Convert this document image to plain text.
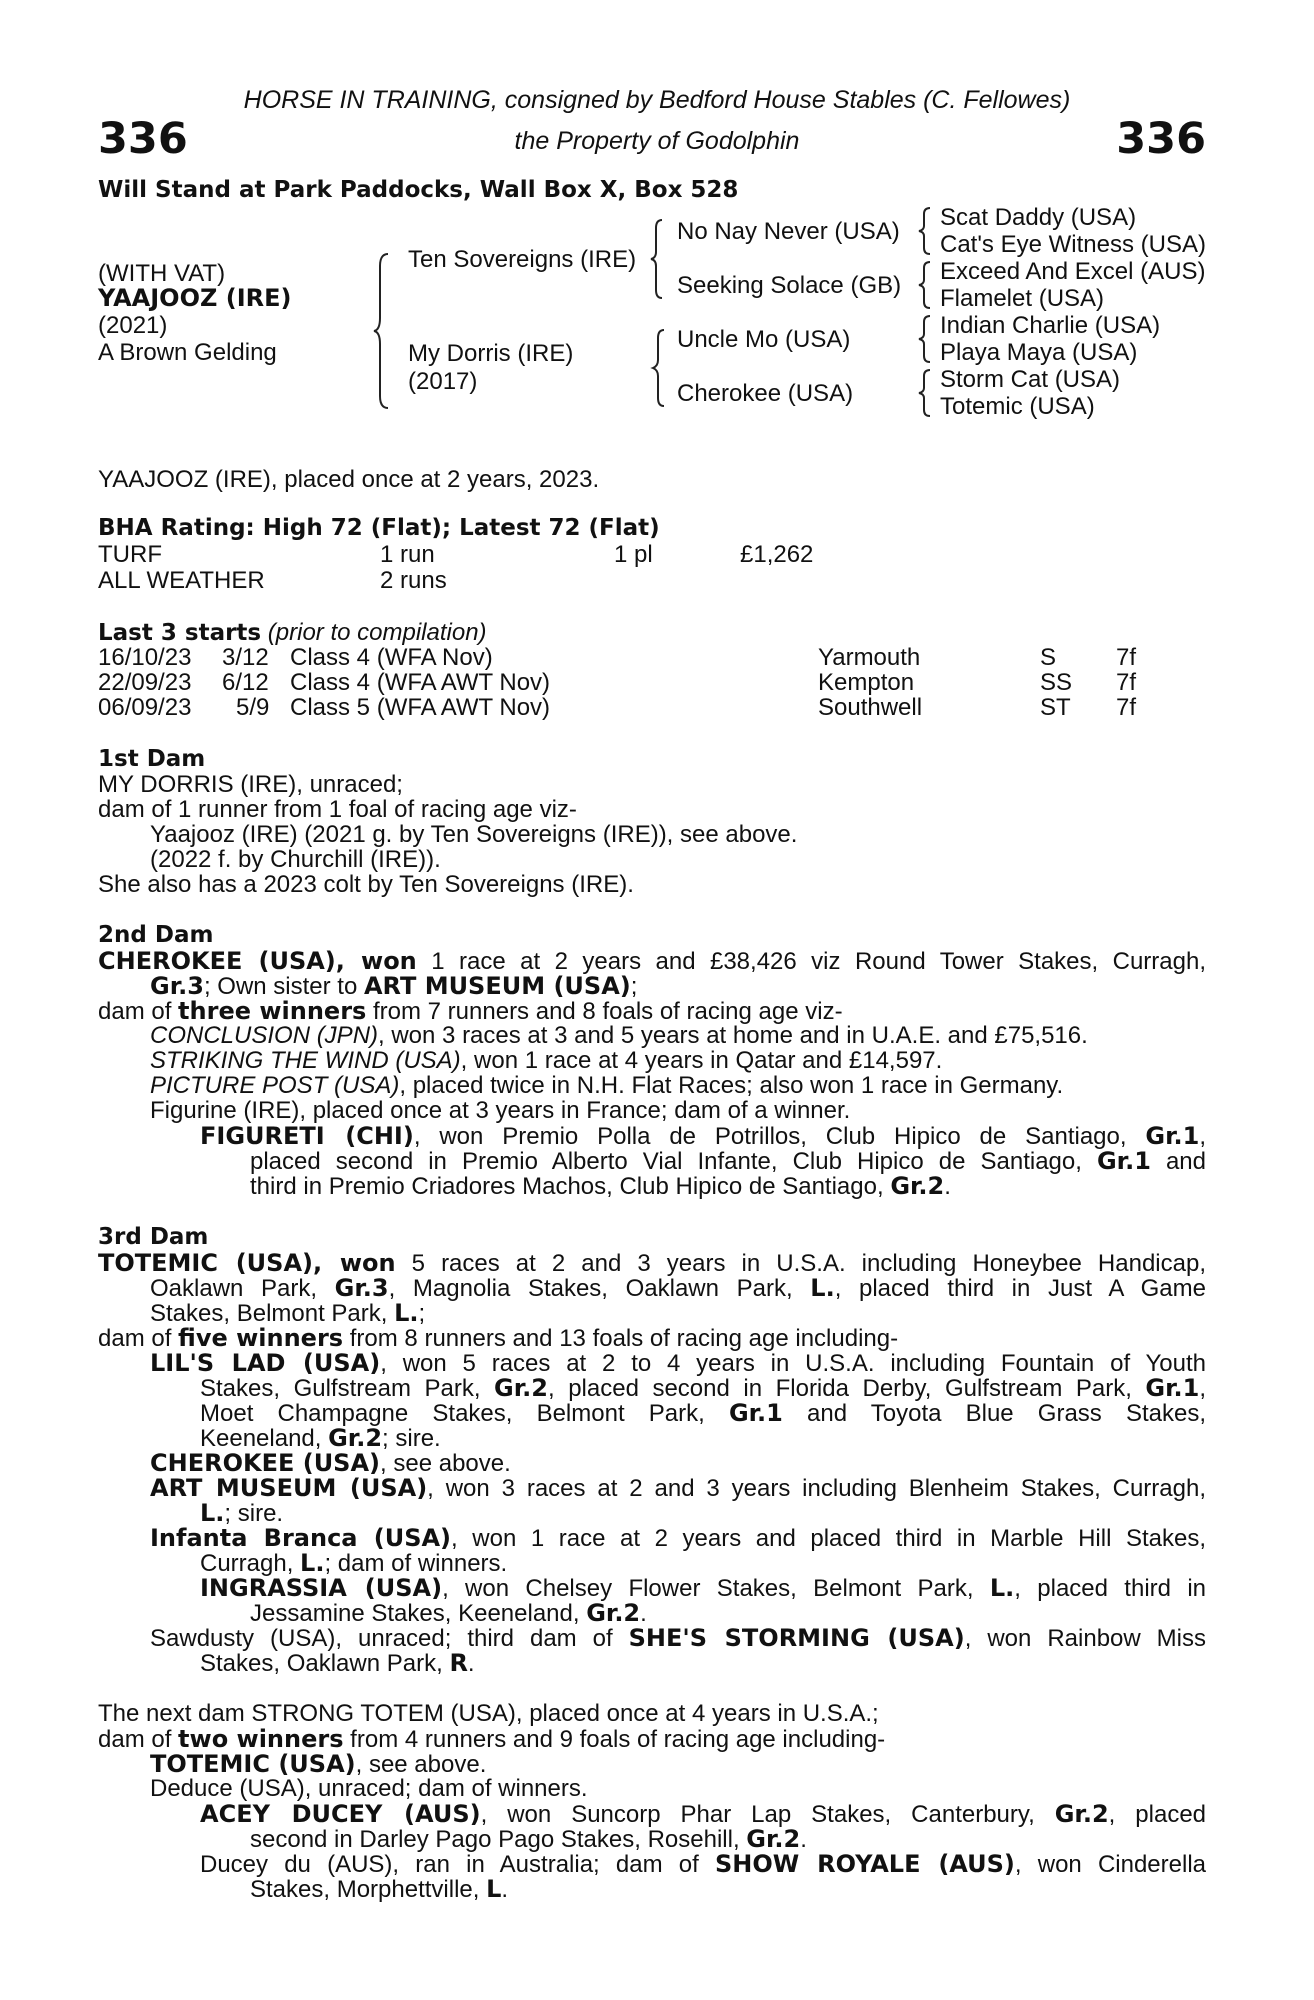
HORSE IN TRAINING, consigned by Bedford House Stables (C. Fellowes)
the Property of Godolphin
336	336
Will Stand at Park Paddocks, Wall Box X, Box 528
(WITH VAT)
YAAJOOZ (IRE)
(2021)
A Brown Gelding
Ten Sovereigns (IRE)
My Dorris (IRE)
(2017)
No Nay Never (USA)
Seeking Solace (GB)
Uncle Mo (USA)
Cherokee (USA)
Scat Daddy (USA)
Cat's Eye Witness (USA)
Exceed And Excel (AUS)
Flamelet (USA)
Indian Charlie (USA)
Playa Maya (USA)
Storm Cat (USA)
Totemic (USA)
YAAJOOZ (IRE), placed once at 2 years, 2023.
BHA Rating: High 72 (Flat); Latest 72 (Flat)
TURF	1 run	1 pl	£1,262
ALL WEATHER	2 runs
Last 3 starts (prior to compilation)
16/10/23 3/12 Class 4 (WFA Nov)	Yarmouth	S 7f
22/09/23 6/12 Class 4 (WFA AWT Nov)	Kempton	SS 7f
06/09/23 5/9 Class 5 (WFA AWT Nov)	Southwell	ST 7f
1st Dam
MY DORRIS (IRE), unraced;
dam of 1 runner from 1 foal of racing age viz-
Yaajooz (IRE) (2021 g. by Ten Sovereigns (IRE)), see above.
(2022 f. by Churchill (IRE)).
She also has a 2023 colt by Ten Sovereigns (IRE).
2nd Dam
CHEROKEE (USA), won 1 race at 2 years and £38,426 viz Round Tower Stakes, Curragh,
Gr.3; Own sister to ART MUSEUM (USA);
dam of three winners from 7 runners and 8 foals of racing age viz-
CONCLUSION (JPN), won 3 races at 3 and 5 years at home and in U.A.E. and £75,516.
STRIKING THE WIND (USA), won 1 race at 4 years in Qatar and £14,597.
PICTURE POST (USA), placed twice in N.H. Flat Races; also won 1 race in Germany.
Figurine (IRE), placed once at 3 years in France; dam of a winner.
FIGURETI (CHI), won Premio Polla de Potrillos, Club Hipico de Santiago, Gr.1,
placed second in Premio Alberto Vial Infante, Club Hipico de Santiago, Gr.1 and
third in Premio Criadores Machos, Club Hipico de Santiago, Gr.2.
3rd Dam
TOTEMIC (USA), won 5 races at 2 and 3 years in U.S.A. including Honeybee Handicap,
Oaklawn Park, Gr.3, Magnolia Stakes, Oaklawn Park, L., placed third in Just A Game
Stakes, Belmont Park, L.;
dam of five winners from 8 runners and 13 foals of racing age including-
LIL'S LAD (USA), won 5 races at 2 to 4 years in U.S.A. including Fountain of Youth
Stakes, Gulfstream Park, Gr.2, placed second in Florida Derby, Gulfstream Park, Gr.1,
Moet Champagne Stakes, Belmont Park, Gr.1 and Toyota Blue Grass Stakes,
Keeneland, Gr.2; sire.
CHEROKEE (USA), see above.
ART MUSEUM (USA), won 3 races at 2 and 3 years including Blenheim Stakes, Curragh,
L.; sire.
Infanta Branca (USA), won 1 race at 2 years and placed third in Marble Hill Stakes,
Curragh, L.; dam of winners.
INGRASSIA (USA), won Chelsey Flower Stakes, Belmont Park, L., placed third in
Jessamine Stakes, Keeneland, Gr.2.
Sawdusty (USA), unraced; third dam of SHE'S STORMING (USA), won Rainbow Miss
Stakes, Oaklawn Park, R.
The next dam STRONG TOTEM (USA), placed once at 4 years in U.S.A.;
dam of two winners from 4 runners and 9 foals of racing age including-
TOTEMIC (USA), see above.
Deduce (USA), unraced; dam of winners.
ACEY DUCEY (AUS), won Suncorp Phar Lap Stakes, Canterbury, Gr.2, placed
second in Darley Pago Pago Stakes, Rosehill, Gr.2.
Ducey du (AUS), ran in Australia; dam of SHOW ROYALE (AUS), won Cinderella
Stakes, Morphettville, L.
